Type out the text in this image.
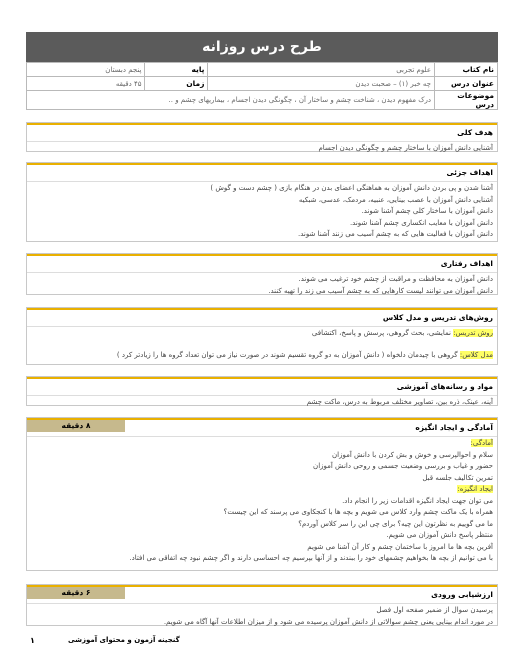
طرح درس روزانه
نام کتاب	علوم تجربی	پایه	پنجم دبستان
عنوان درس	چه خبر (۱) – صحبت دیدن	زمان	۴۵ دقیقه
موضوعات درس	درک مفهوم دیدن ، شناخت چشم و ساختار آن ، چگونگی دیدن اجسام ، بیماریهای چشم و ..		
هدف کلی
آشنایی دانش آموزان با ساختار چشم و چگونگی دیدن اجسام
اهداف جزئی
آشنا شدن و پی بردن دانش آموزان به هماهنگی اعضای بدن در هنگام بازی ( چشم دست و گوش )
آشنایی دانش آموزان با عصب بینایی، عنبیه، مردمک، عدسی، شبکیه
دانش آموزان با ساختار کلی چشم آشنا شوند.
دانش آموزان با معایب انکساری چشم آشنا شوند.
دانش آموزان با فعالیت هایی که به چشم آسیب می زنند آشنا شوند.
اهداف رفتاری
دانش آموزان به محافظت و مراقبت از چشم خود ترغیب می شوند.
دانش آموزان می توانند لیست کارهایی که به چشم آسیب می زند را تهیه کنند.
روش‌های تدریس و مدل کلاس
روش تدریس: نمایشی، بحث گروهی، پرسش و پاسخ، اکتشافی
مدل کلاس: گروهی با چیدمان دلخواه ( دانش آموزان به دو گروه تقسیم شوند در صورت نیاز می توان تعداد گروه ها را زیادتر کرد )
مواد و رسانه‌های آموزشی
آینه، عینک، ذره بین، تصاویر مختلف مربوط به درس، ماکت چشم
آمادگی و ایجاد انگیزه
۸ دقیقه
آمادگی:
سلام و احوالپرسی و خوش و بش کردن با دانش آموزان
حضور و غیاب و بررسی وضعیت جسمی و روحی دانش آموزان
تمرین تکالیف جلسه قبل
ایجاد انگیزه:
می توان جهت ایجاد انگیزه اقدامات زیر را انجام داد.
همراه با یک ماکت چشم وارد کلاس می شویم و بچه ها با کنجکاوی می پرسند که این چیست؟
ما می گوییم به نظرتون این چیه؟ برای چی این را سر کلاس آوردم؟
منتظر پاسخ دانش آموزان می شویم.
آفرین بچه ها ما امروز با ساختمان چشم و کار آن آشنا می شویم
با می توانیم از بچه ها بخواهیم چشمهای خود را ببندند و از آنها بپرسیم چه احساسی دارند و اگر چشم نبود چه اتفاقی می افتاد.
ارزشیابی ورودی
۶ دقیقه
پرسیدن سوال از ضمیر صفحه اول فصل
در مورد اندام بینایی یعنی چشم سوالاتی از دانش آموزان پرسیده می شود و از میزان اطلاعات آنها آگاه می شویم.
گنجینه آزمون و محتوای آموزشی
۱
